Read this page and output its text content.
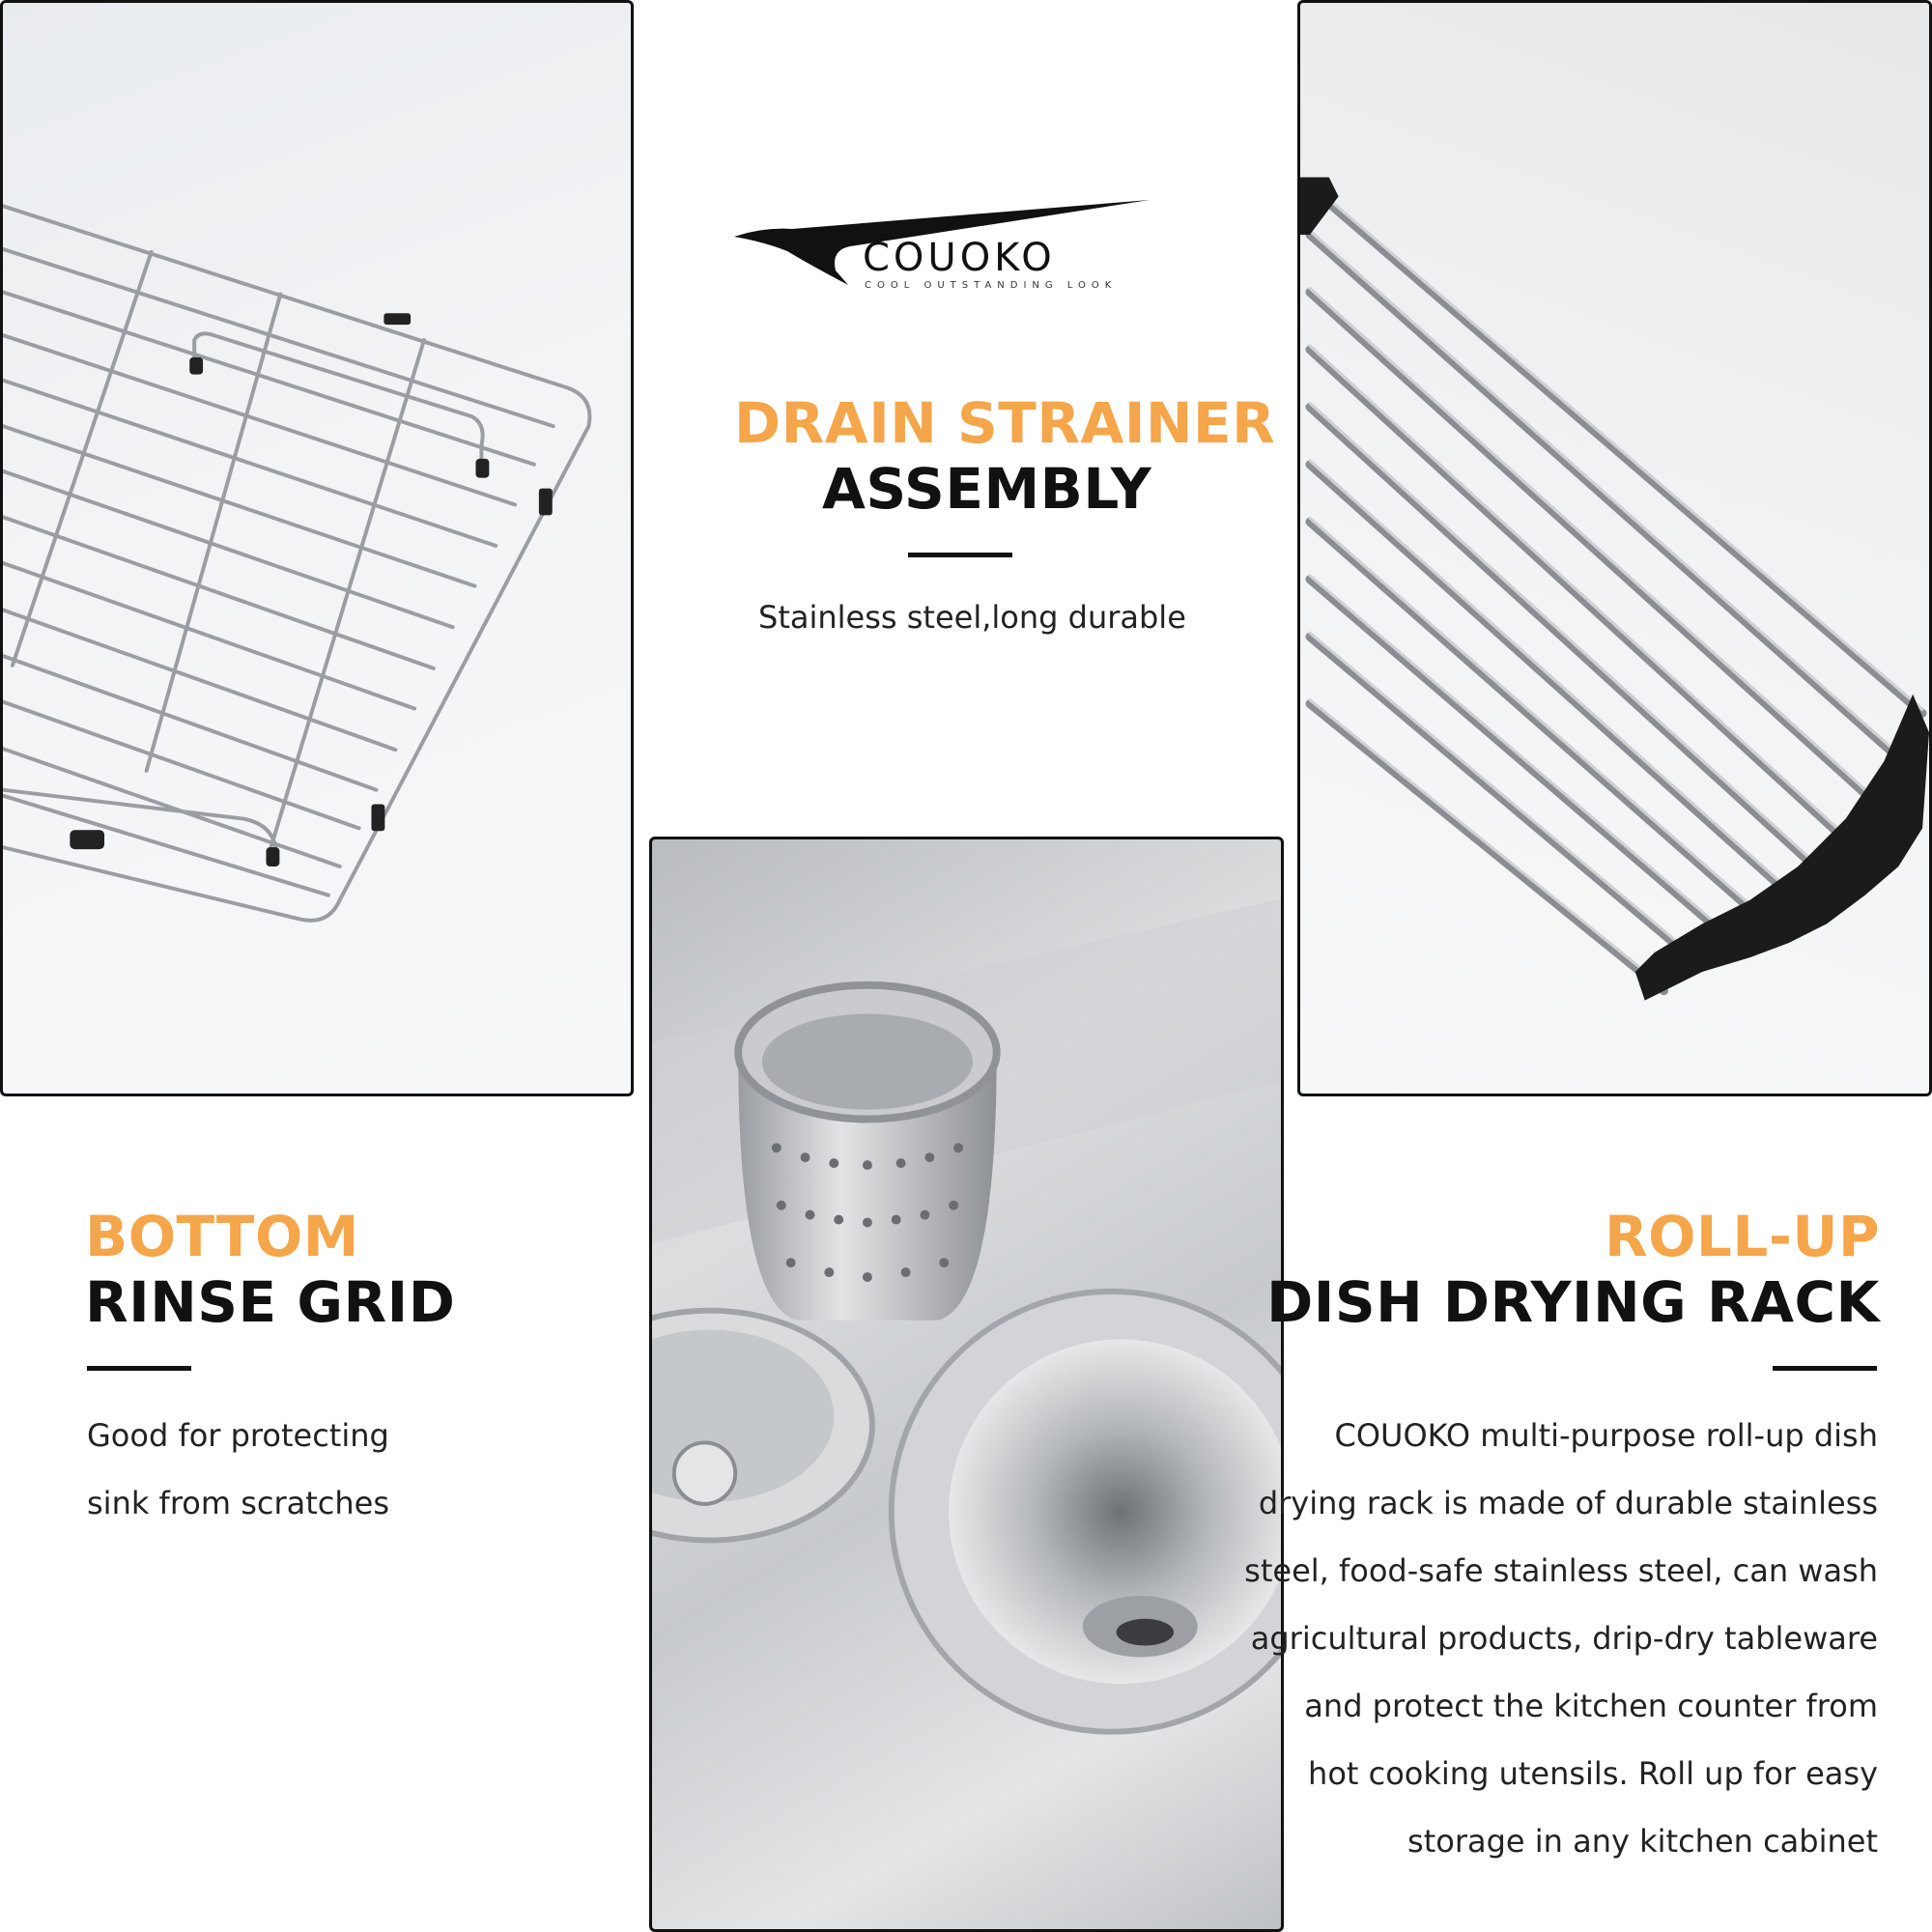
COUOKO
COOL OUTSTANDING LOOK
DRAIN STRAINER
ASSEMBLY
Stainless steel,long durable
BOTTOM
RINSE GRID

Good for protecting

sink from scratches

ROLL-UP
DISH DRYING RACK

COUOKO multi-purpose roll-up dish

drying rack is made of durable stainless

steel, food-safe stainless steel, can wash

agricultural products, drip-dry tableware

and protect the kitchen counter from

hot cooking utensils. Roll up for easy

storage in any kitchen cabinet
